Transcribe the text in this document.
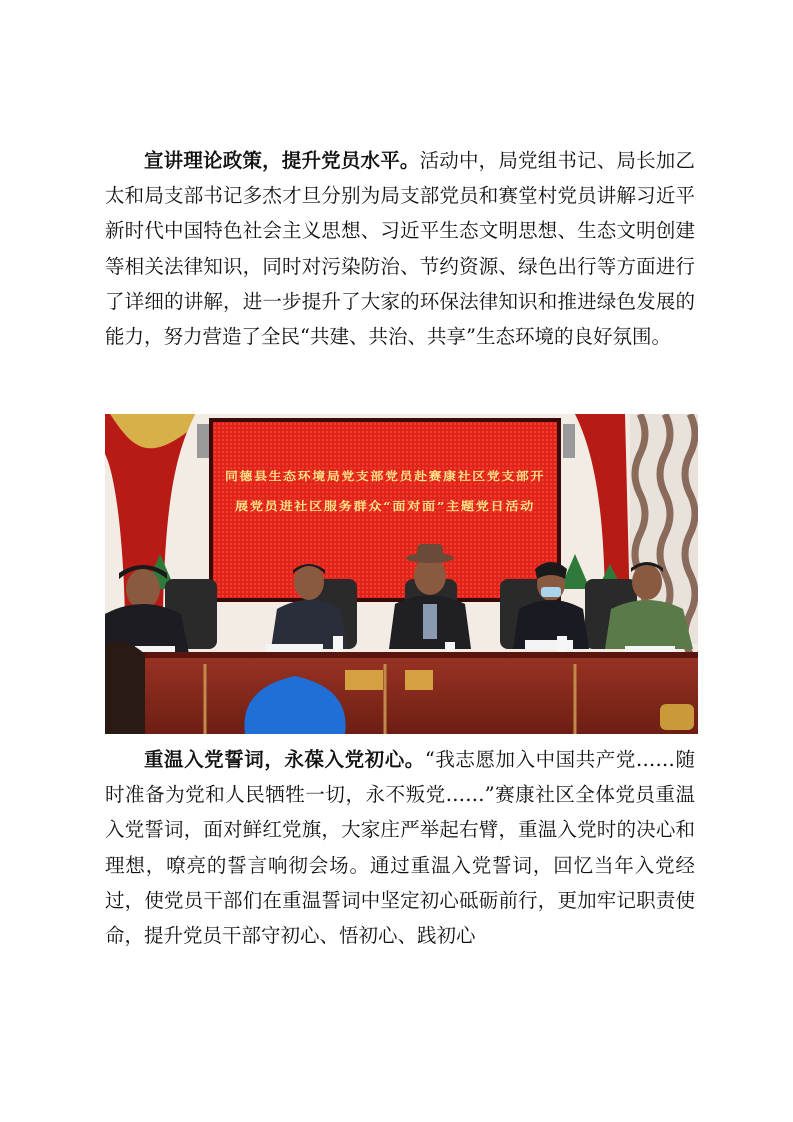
宣讲理论政策，提升党员水平。活动中，局党组书记、局长加乙太和局支部书记多杰才旦分别为局支部党员和赛堂村党员讲解习近平新时代中国特色社会主义思想、习近平生态文明思想、生态文明创建等相关法律知识，同时对污染防治、节约资源、绿色出行等方面进行了详细的讲解，进一步提升了大家的环保法律知识和推进绿色发展的能力，努力营造了全民“共建、共治、共享”生态环境的良好氛围。

同德县生态环境局党支部党员赴赛康社区党支部开
展党员进社区服务群众“面对面”主题党日活动

重温入党誓词，永葆入党初心。“我志愿加入中国共产党……随时准备为党和人民牺牲一切，永不叛党……”赛康社区全体党员重温入党誓词，面对鲜红党旗，大家庄严举起右臂，重温入党时的决心和理想，嘹亮的誓言响彻会场。通过重温入党誓词，回忆当年入党经过，使党员干部们在重温誓词中坚定初心砥砺前行，更加牢记职责使命，提升党员干部守初心、悟初心、践初心
